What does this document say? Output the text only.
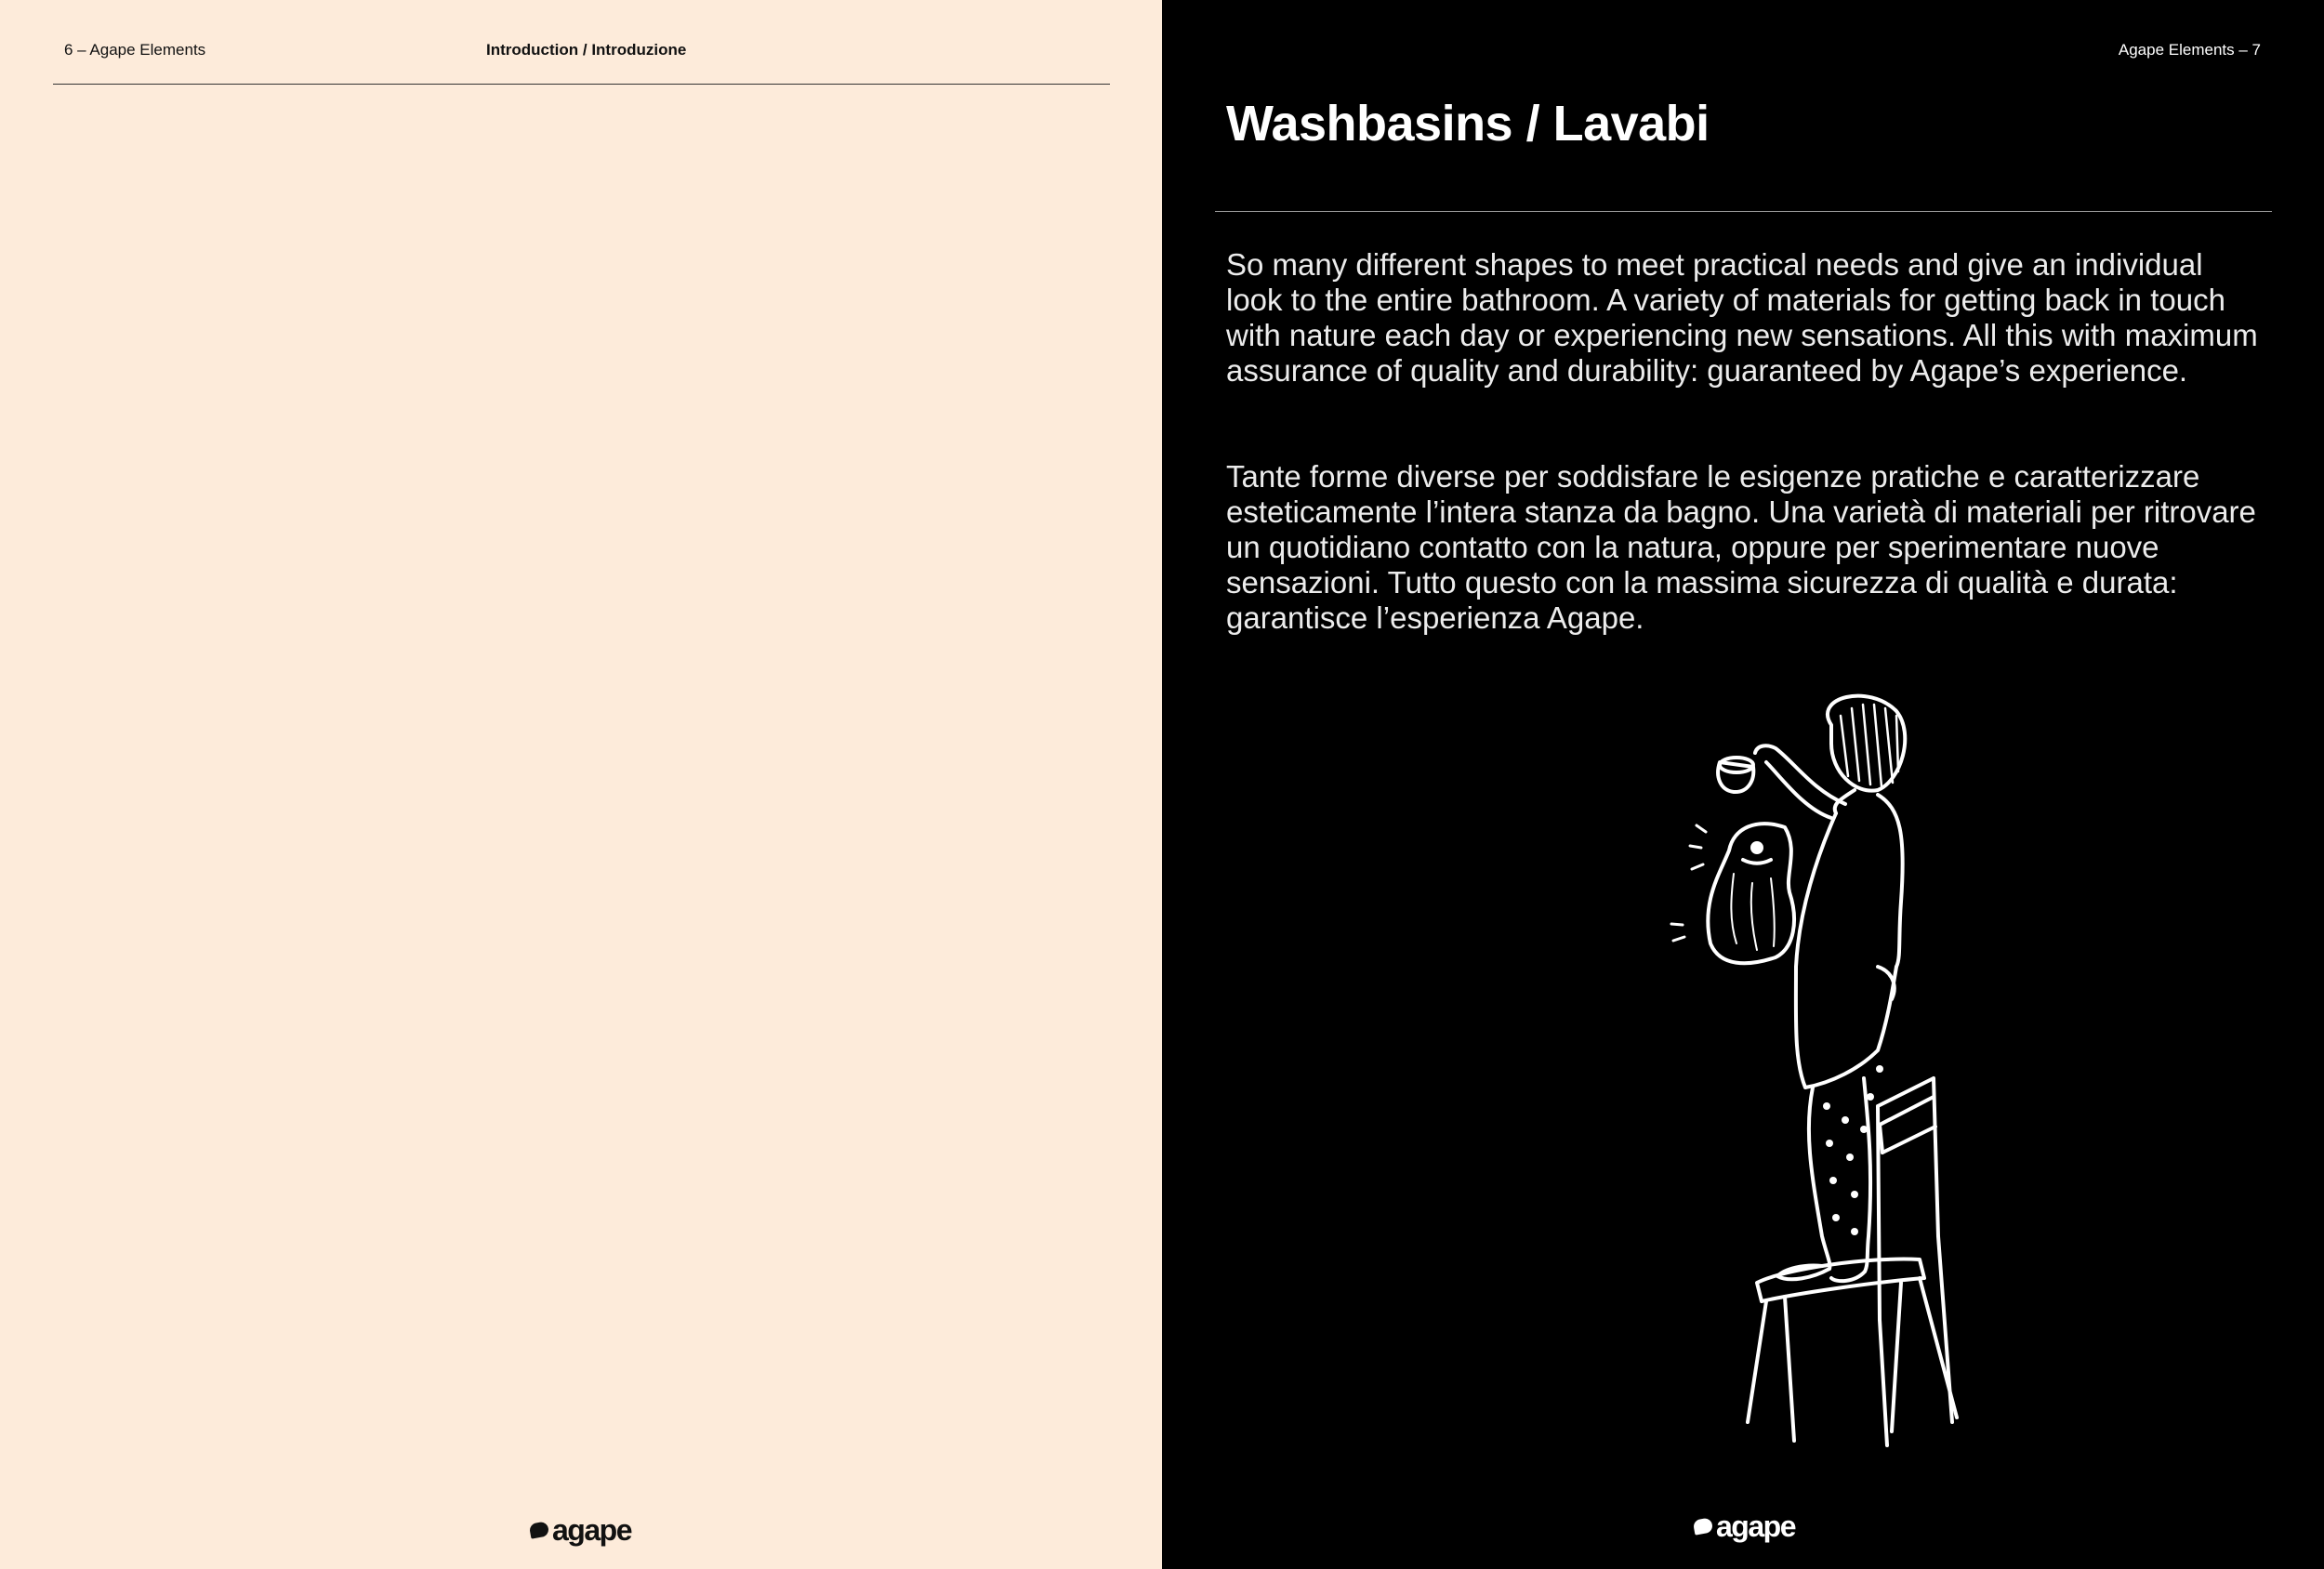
6 – Agape Elements	Introduction / Introduzione
agape
Agape Elements – 7
Washbasins / Lavabi

So many different shapes to meet practical needs and give an individual look to the entire bathroom. A variety of materials for getting back in touch with nature each day or experiencing new sensations. All this with maximum assurance of quality and durability: guaranteed by Agape’s experience.

Tante forme diverse per soddisfare le esigenze pratiche e caratterizzare esteticamente l’intera stanza da bagno. Una varietà di materiali per ritrovare un quotidiano contatto con la natura, oppure per sperimentare nuove sensazioni. Tutto questo con la massima sicurezza di qualità e durata: garantisce l’esperienza Agape.

agape
